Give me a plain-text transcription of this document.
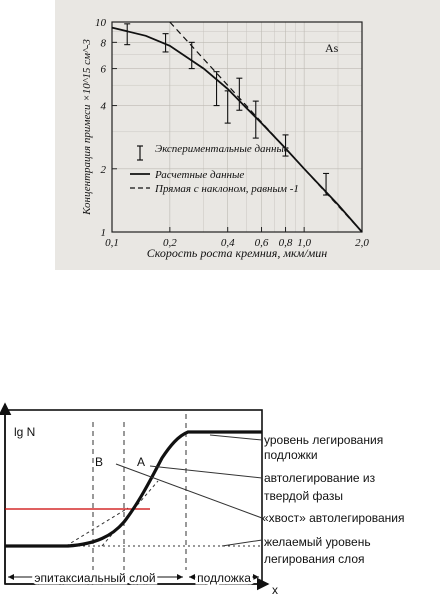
0,1	0,2	0,4 0,6 0,8 1,0	2,0
1
2
4
6
8
10
As
Скорость роста кремния, мкм/мин
Концентрация примеси ×10^15 см^-3	Экспериментальные данные
Расчетные данные
Прямая с наклоном, равным -1
lg N
x
B	A
уровень легирования
подложки
автолегирование из
твердой фазы
«хвост» автолегирования
желаемый уровень
легирования слоя
эпитаксиальный слой	подложка
